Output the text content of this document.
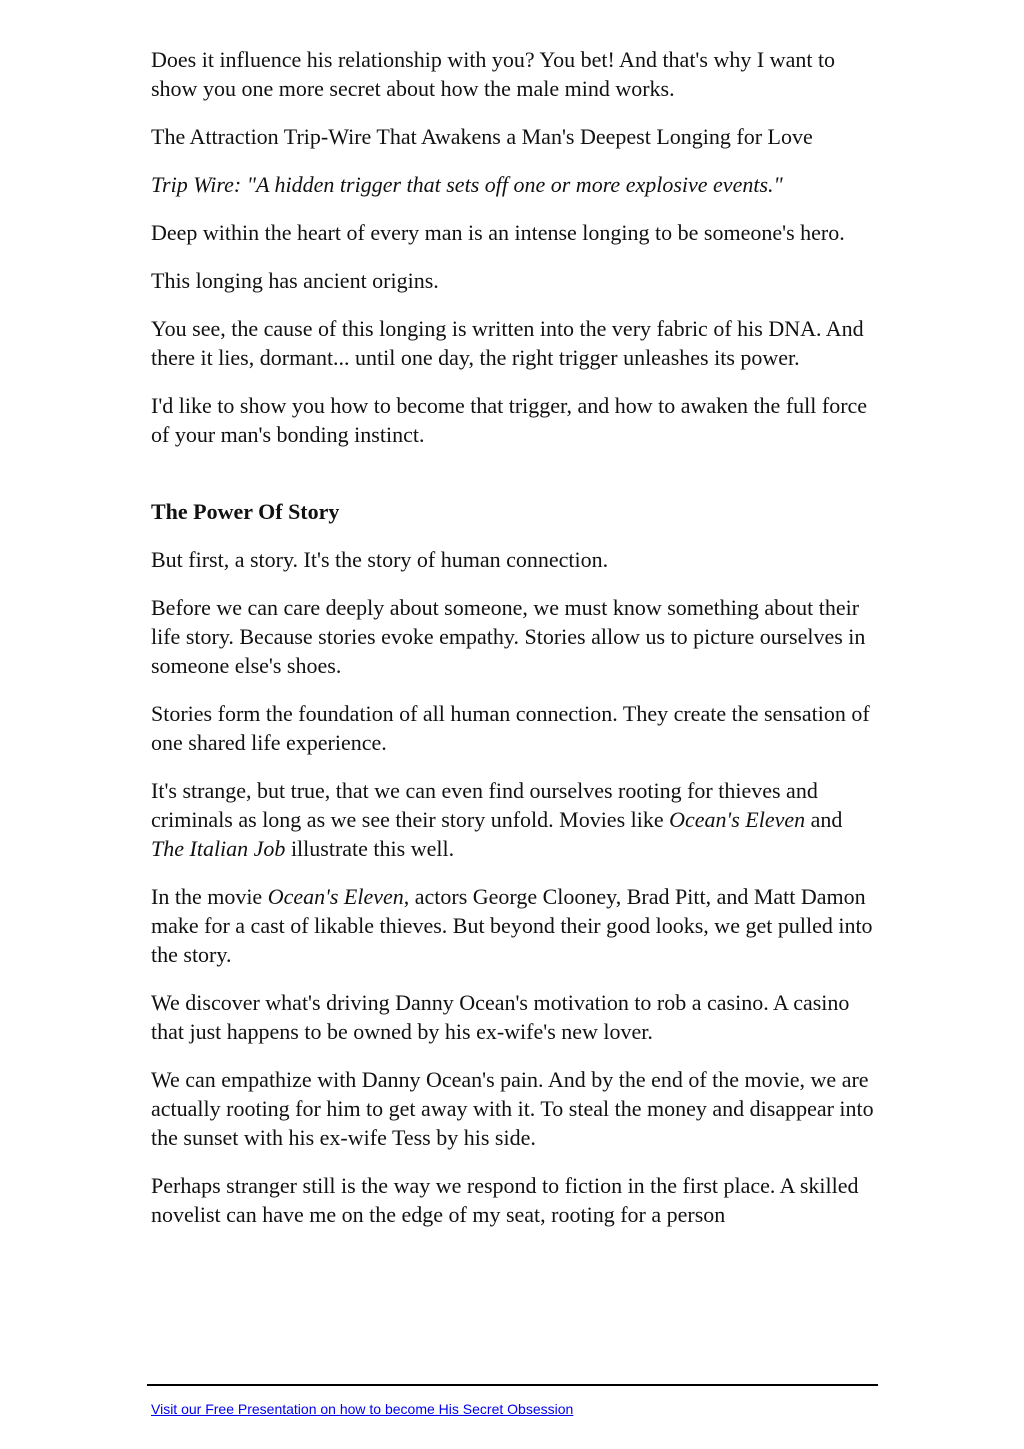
Does it influence his relationship with you? You bet! And that's why I want to show you one more secret about how the male mind works.

The Attraction Trip-Wire That Awakens a Man's Deepest Longing for Love

Trip Wire: "A hidden trigger that sets off one or more explosive events."

Deep within the heart of every man is an intense longing to be someone's hero.

This longing has ancient origins.

You see, the cause of this longing is written into the very fabric of his DNA. And there it lies, dormant... until one day, the right trigger unleashes its power.

I'd like to show you how to become that trigger, and how to awaken the full force of your man's bonding instinct.

The Power Of Story

But first, a story. It's the story of human connection.

Before we can care deeply about someone, we must know something about their life story. Because stories evoke empathy. Stories allow us to picture ourselves in someone else's shoes.

Stories form the foundation of all human connection. They create the sensation of one shared life experience.

It's strange, but true, that we can even find ourselves rooting for thieves and criminals as long as we see their story unfold. Movies like Ocean's Eleven and The Italian Job illustrate this well.

In the movie Ocean's Eleven, actors George Clooney, Brad Pitt, and Matt Damon make for a cast of likable thieves. But beyond their good looks, we get pulled into the story.

We discover what's driving Danny Ocean's motivation to rob a casino. A casino that just happens to be owned by his ex-wife's new lover.

We can empathize with Danny Ocean's pain. And by the end of the movie, we are actually rooting for him to get away with it. To steal the money and disappear into the sunset with his ex-wife Tess by his side.

Perhaps stranger still is the way we respond to fiction in the first place. A skilled novelist can have me on the edge of my seat, rooting for a person

Visit our Free Presentation on how to become His Secret Obsession
